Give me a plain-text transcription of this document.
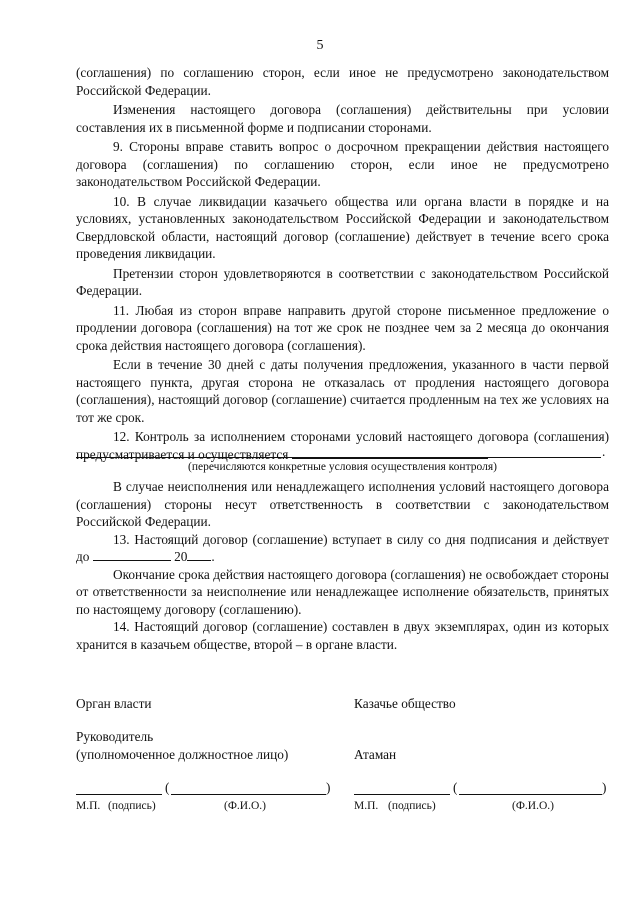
5

(соглашения) по соглашению сторон, если иное не предусмотрено законодательством Российской Федерации.

Изменения настоящего договора (соглашения) действительны при условии составления их в письменной форме и подписании сторонами.

9. Стороны вправе ставить вопрос о досрочном прекращении действия настоящего договора (соглашения) по соглашению сторон, если иное не предусмотрено законодательством Российской Федерации.

10. В случае ликвидации казачьего общества или органа власти в порядке и на условиях, установленных законодательством Российской Федерации и законодательством Свердловской области, настоящий договор (соглашение) действует в течение всего срока проведения ликвидации.

Претензии сторон удовлетворяются в соответствии с законодательством Российской Федерации.

11. Любая из сторон вправе направить другой стороне письменное предложение о продлении договора (соглашения) на тот же срок не позднее чем за 2 месяца до окончания срока действия настоящего договора (соглашения).

Если в течение 30 дней с даты получения предложения, указанного в части первой настоящего пункта, другая сторона не отказалась от продления настоящего договора (соглашения), настоящий договор (соглашение) считается продленным на тех же условиях на тот же срок.

12. Контроль за исполнением сторонами условий настоящего договора (соглашения) предусматривается и осуществляется	.
(перечисляются конкретные условия осуществления контроля)

В случае неисполнения или ненадлежащего исполнения условий настоящего договора (соглашения) стороны несут ответственность в соответствии с законодательством Российской Федерации.

13. Настоящий договор (соглашение) вступает в силу со дня подписания и действует до	20 .

Окончание срока действия настоящего договора (соглашения) не освобождает стороны от ответственности за неисполнение или ненадлежащее исполнение обязательств, принятых по настоящему договору (соглашению).

14. Настоящий договор (соглашение) составлен в двух экземплярах, один из которых хранится в казачьем обществе, второй – в органе власти.

Орган власти
Руководитель
(уполномоченное должностное лицо)
(	)
М.П. (подпись)	(Ф.И.О.)
Казачье общество
Атаман
(	)
М.П. (подпись)	(Ф.И.О.)
